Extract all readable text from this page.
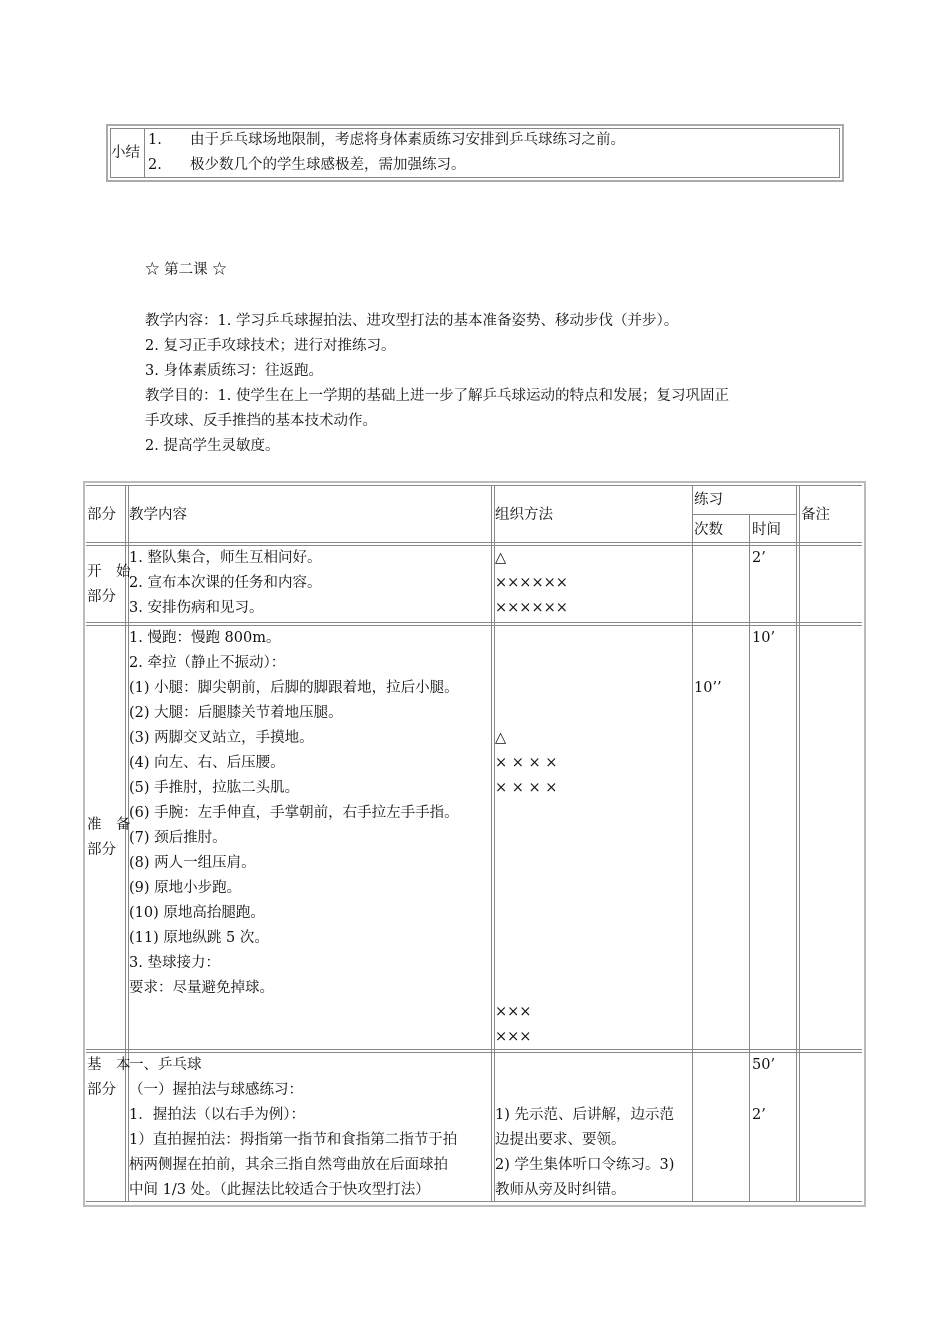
小结
1. 由于乒乓球场地限制，考虑将身体素质练习安排到乒乓球练习之前。
2. 极少数几个的学生球感极差，需加强练习。
☆ 第二课 ☆
教学内容：1. 学习乒乓球握拍法、进攻型打法的基本准备姿势、移动步伐（并步）。
2. 复习正手攻球技术；进行对推练习。
3. 身体素质练习：往返跑。
教学目的：1. 使学生在上一学期的基础上进一步了解乒乓球运动的特点和发展；复习巩固正
手攻球、反手推挡的基本技术动作。
2. 提高学生灵敏度。
部分 教学内容	组织方法
练习
次数 时间
备注
开　始
部分
1. 整队集合，师生互相问好。
2. 宣布本次课的任务和内容。
3. 安排伤病和见习。
△
××××××
××××××
2’
准　备
部分
1. 慢跑：慢跑 800m。
2. 牵拉（静止不振动）：
(1) 小腿：脚尖朝前，后脚的脚跟着地，拉后小腿。
(2) 大腿：后腿膝关节着地压腿。
(3) 两脚交叉站立，手摸地。
(4) 向左、右、后压腰。
(5) 手推肘，拉肱二头肌。
(6) 手腕：左手伸直，手掌朝前，右手拉左手手指。
(7) 颈后推肘。
(8) 两人一组压肩。
(9) 原地小步跑。
(10) 原地高抬腿跑。
(11) 原地纵跳 5 次。
3. 垫球接力：
要求：尽量避免掉球。
△
× × × ×
× × × ×
×××
×××
10’’
10’
基　本
部分
一、乒乓球
（一）握拍法与球感练习：
1．握拍法（以右手为例）：
1）直拍握拍法：拇指第一指节和食指第二指节于拍
柄两侧握在拍前，其余三指自然弯曲放在后面球拍
中间 1/3 处。（此握法比较适合于快攻型打法）
1) 先示范、后讲解，边示范
边提出要求、要领。
2) 学生集体听口令练习。3)
教师从旁及时纠错。
50’
2’
